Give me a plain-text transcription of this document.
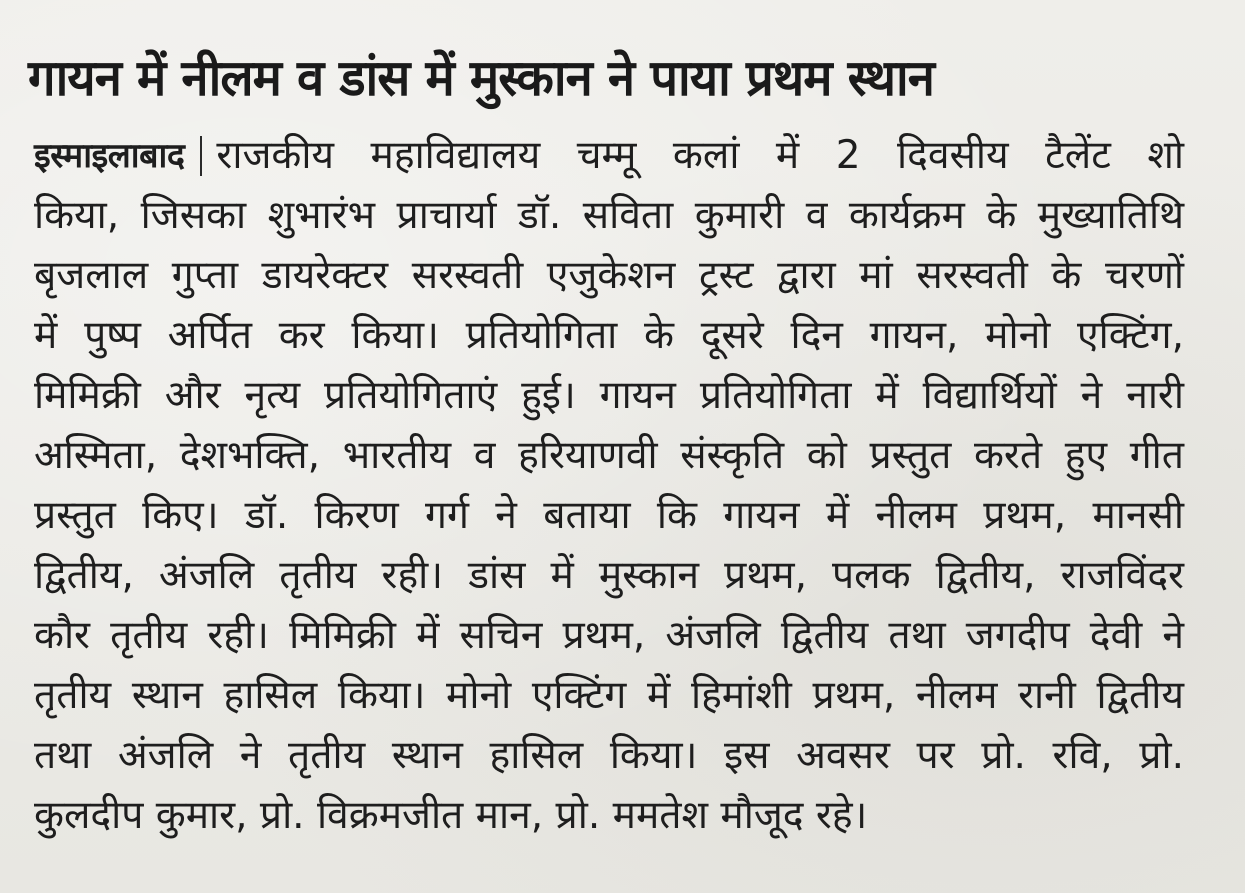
गायन में नीलम व डांस में मुस्कान ने पाया प्रथम स्थान
इस्माइलाबाद राजकीय महाविद्यालय चम्मू कलां में 2 दिवसीय टैलेंट शो
किया, जिसका शुभारंभ प्राचार्या डॉ. सविता कुमारी व कार्यक्रम के मुख्यातिथि
बृजलाल गुप्ता डायरेक्टर सरस्वती एजुकेशन ट्रस्ट द्वारा मां सरस्वती के चरणों
में पुष्प अर्पित कर किया। प्रतियोगिता के दूसरे दिन गायन, मोनो एक्टिंग,
मिमिक्री और नृत्य प्रतियोगिताएं हुई। गायन प्रतियोगिता में विद्यार्थियों ने नारी
अस्मिता, देशभक्ति, भारतीय व हरियाणवी संस्कृति को प्रस्तुत करते हुए गीत
प्रस्तुत किए। डॉ. किरण गर्ग ने बताया कि गायन में नीलम प्रथम, मानसी
द्वितीय, अंजलि तृतीय रही। डांस में मुस्कान प्रथम, पलक द्वितीय, राजविंदर
कौर तृतीय रही। मिमिक्री में सचिन प्रथम, अंजलि द्वितीय तथा जगदीप देवी ने
तृतीय स्थान हासिल किया। मोनो एक्टिंग में हिमांशी प्रथम, नीलम रानी द्वितीय
तथा अंजलि ने तृतीय स्थान हासिल किया। इस अवसर पर प्रो. रवि, प्रो.
कुलदीप कुमार, प्रो. विक्रमजीत मान, प्रो. ममतेश मौजूद रहे।
